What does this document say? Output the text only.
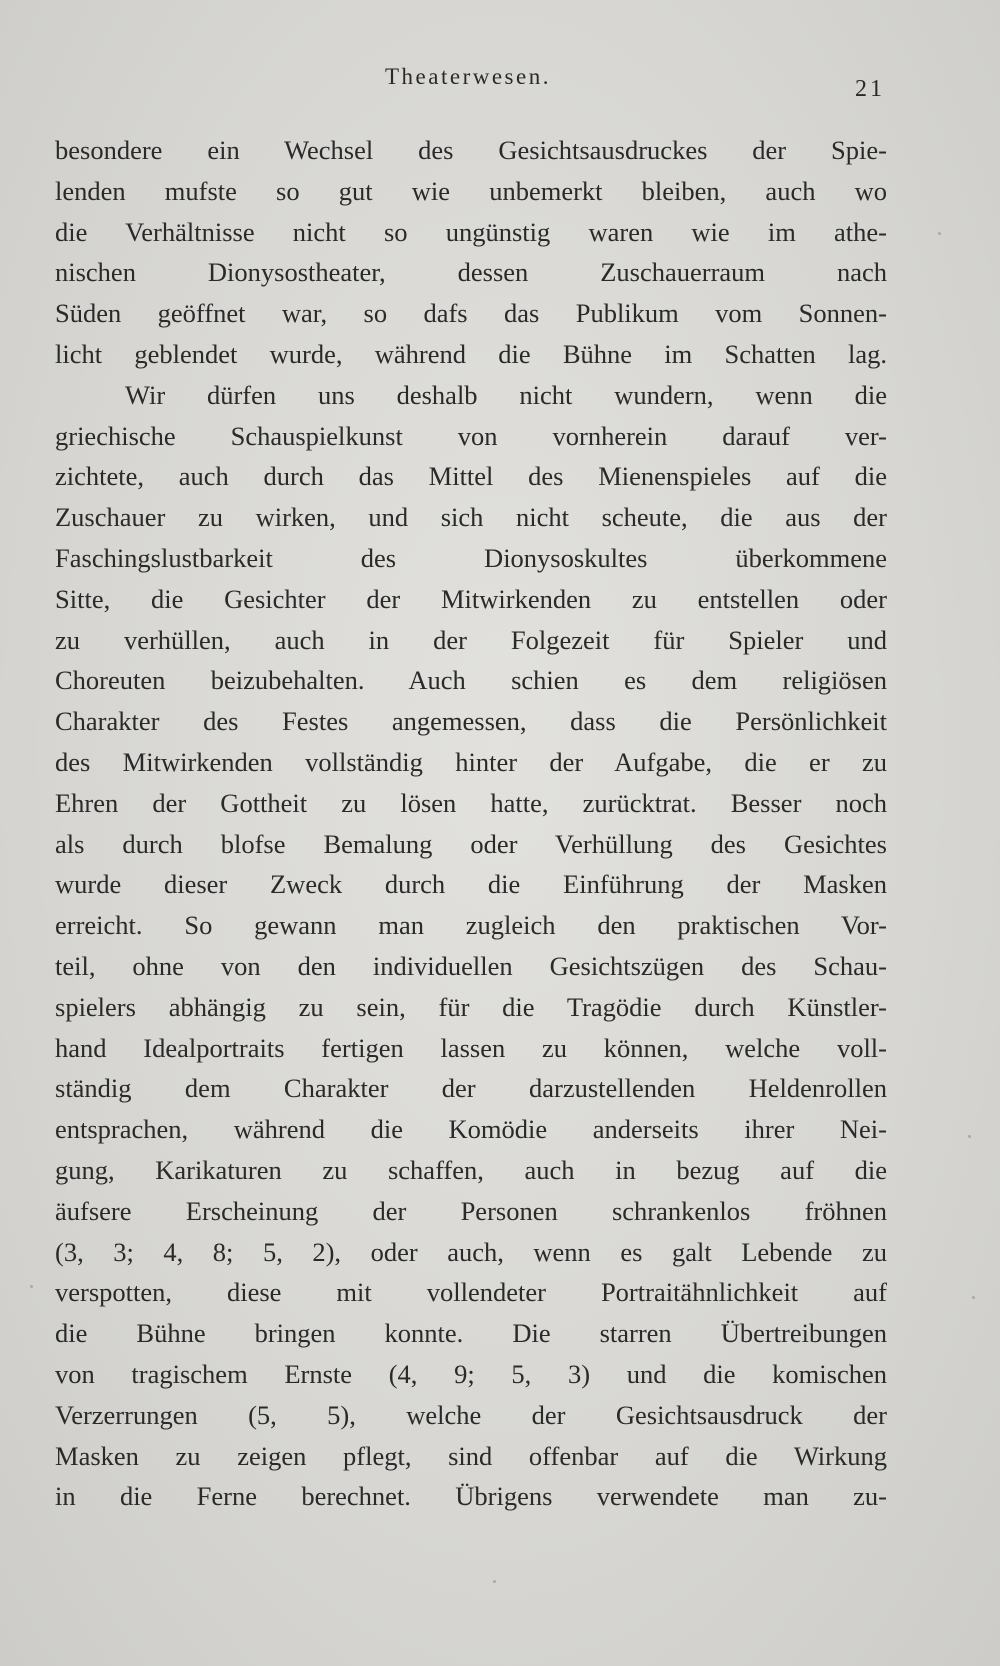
Theaterwesen.	21
besondere ein Wechsel des Gesichtsausdruckes der Spie-
lenden mufste so gut wie unbemerkt bleiben, auch wo
die Verhältnisse nicht so ungünstig waren wie im athe-
nischen Dionysostheater, dessen Zuschauerraum nach
Süden geöffnet war, so dafs das Publikum vom Sonnen-
licht geblendet wurde, während die Bühne im Schatten lag.
Wir dürfen uns deshalb nicht wundern, wenn die
griechische Schauspielkunst von vornherein darauf ver-
zichtete, auch durch das Mittel des Mienenspieles auf die
Zuschauer zu wirken, und sich nicht scheute, die aus der
Faschingslustbarkeit des Dionysoskultes überkommene
Sitte, die Gesichter der Mitwirkenden zu entstellen oder
zu verhüllen, auch in der Folgezeit für Spieler und
Choreuten beizubehalten. Auch schien es dem religiösen
Charakter des Festes angemessen, dass die Persönlichkeit
des Mitwirkenden vollständig hinter der Aufgabe, die er zu
Ehren der Gottheit zu lösen hatte, zurücktrat. Besser noch
als durch blofse Bemalung oder Verhüllung des Gesichtes
wurde dieser Zweck durch die Einführung der Masken
erreicht. So gewann man zugleich den praktischen Vor-
teil, ohne von den individuellen Gesichtszügen des Schau-
spielers abhängig zu sein, für die Tragödie durch Künstler-
hand Idealportraits fertigen lassen zu können, welche voll-
ständig dem Charakter der darzustellenden Heldenrollen
entsprachen, während die Komödie anderseits ihrer Nei-
gung, Karikaturen zu schaffen, auch in bezug auf die
äufsere Erscheinung der Personen schrankenlos fröhnen
(3, 3; 4, 8; 5, 2), oder auch, wenn es galt Lebende zu
verspotten, diese mit vollendeter Portraitähnlichkeit auf
die Bühne bringen konnte. Die starren Übertreibungen
von tragischem Ernste (4, 9; 5, 3) und die komischen
Verzerrungen (5, 5), welche der Gesichtsausdruck der
Masken zu zeigen pflegt, sind offenbar auf die Wirkung
in die Ferne berechnet. Übrigens verwendete man zu-
